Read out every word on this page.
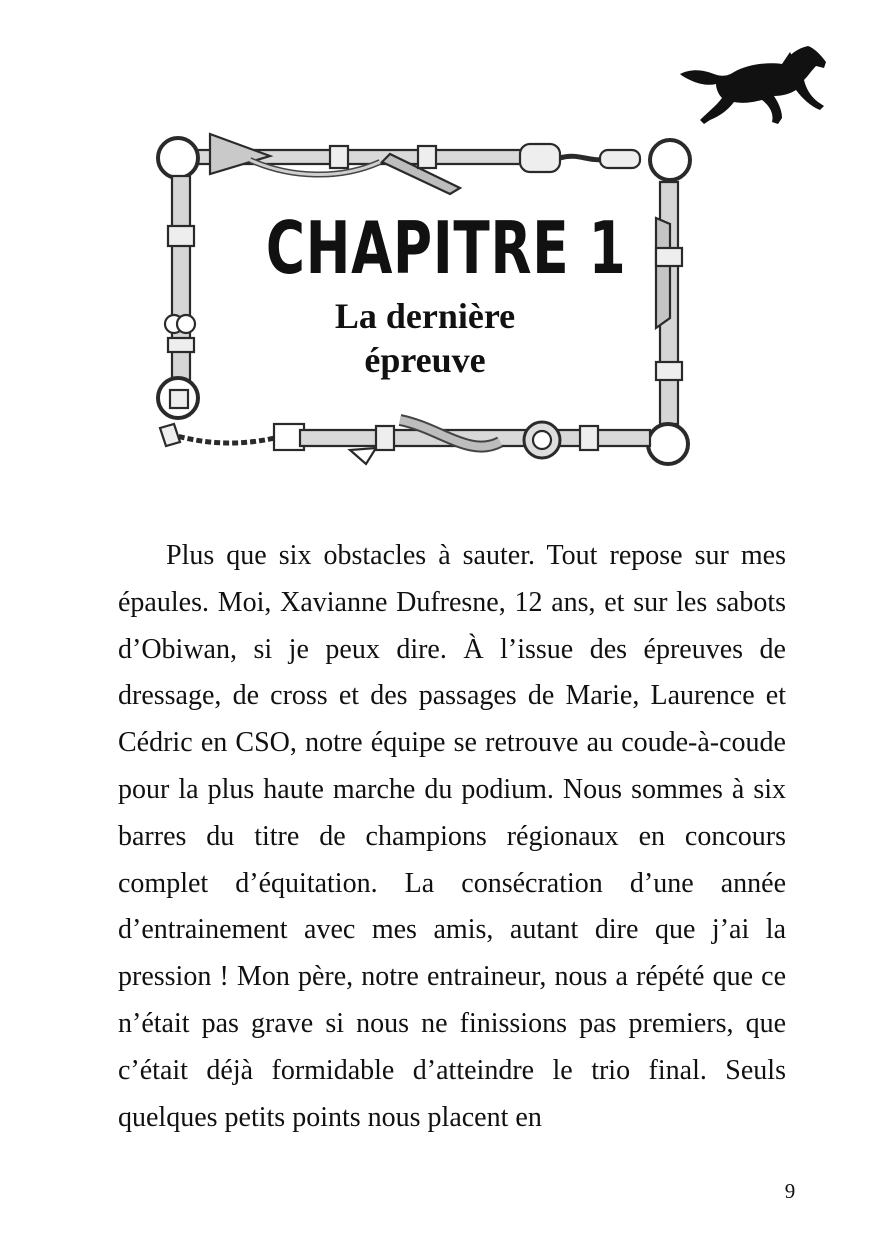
CHAPITRE 1
La dernière épreuve

Plus que six obstacles à sauter. Tout repose sur mes épaules. Moi, Xavianne Dufresne, 12 ans, et sur les sabots d’Obiwan, si je peux dire. À l’issue des épreuves de dressage, de cross et des passages de Marie, Laurence et Cédric en CSO, notre équipe se retrouve au coude-à-coude pour la plus haute marche du podium. Nous sommes à six barres du titre de champions régionaux en concours complet d’équitation. La consécration d’une année d’entrainement avec mes amis, autant dire que j’ai la pression ! Mon père, notre entraineur, nous a répété que ce n’était pas grave si nous ne finissions pas premiers, que c’était déjà formidable d’atteindre le trio final. Seuls quelques petits points nous placent en

9
